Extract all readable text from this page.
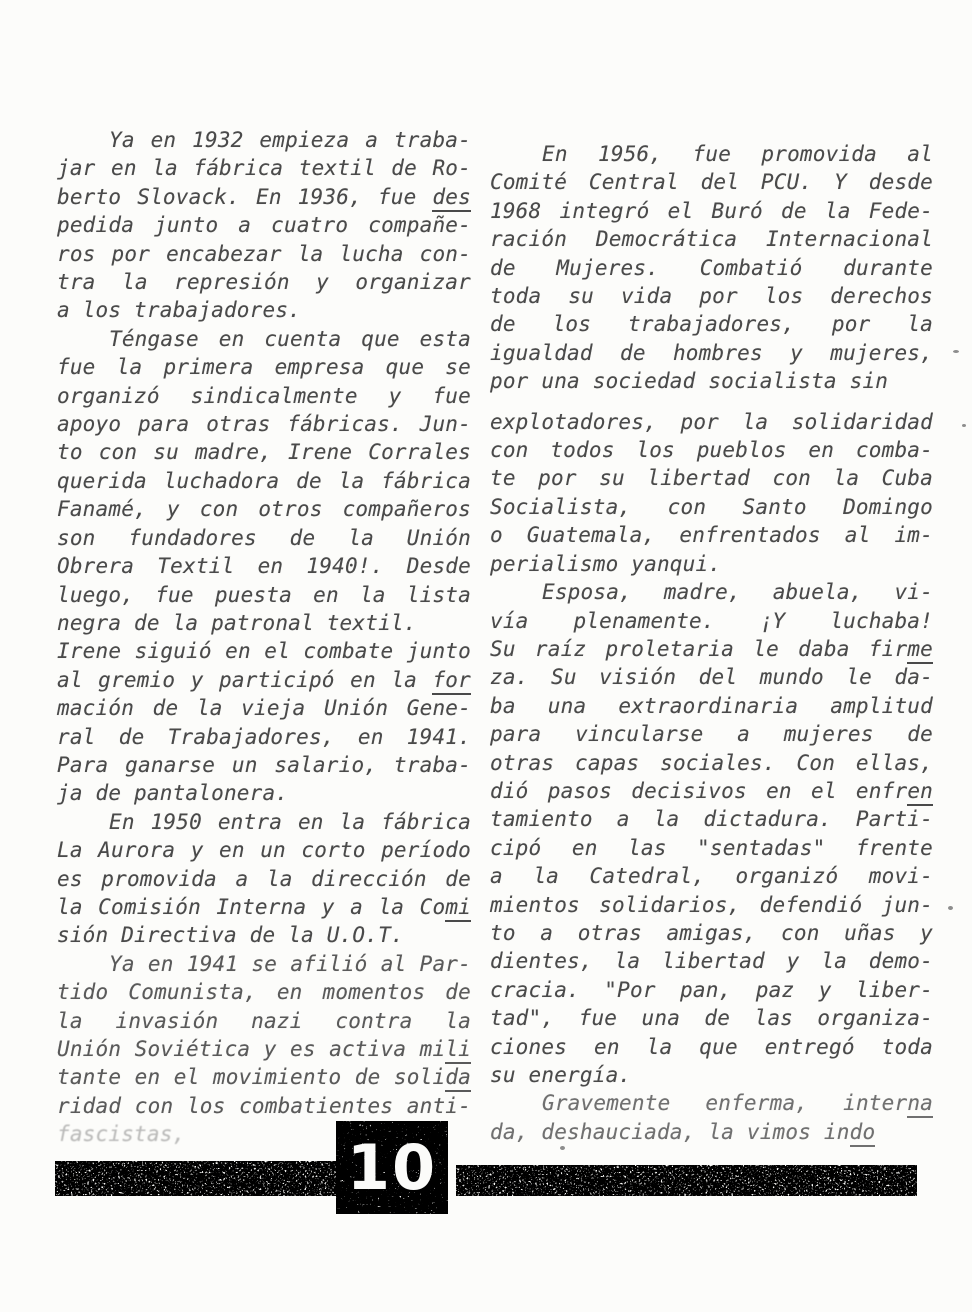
Ya en 1932 empieza a traba-
jar en la fábrica textil de Ro-
berto Slovack. En 1936, fue des
pedida junto a cuatro compañe-
ros por encabezar la lucha con-
tra la represión y organizar
a los trabajadores.
Téngase en cuenta que esta
fue la primera empresa que se
organizó sindicalmente y fue
apoyo para otras fábricas. Jun-
to con su madre, Irene Corrales
querida luchadora de la fábrica
Fanamé, y con otros compañeros
son fundadores de la Unión
Obrera Textil en 1940!. Desde
luego, fue puesta en la lista
negra de la patronal textil.
Irene siguió en el combate junto
al gremio y participó en la for
mación de la vieja Unión Gene-
ral de Trabajadores, en 1941.
Para ganarse un salario, traba-
ja de pantalonera.
En 1950 entra en la fábrica
La Aurora y en un corto período
es promovida a la dirección de
la Comisión Interna y a la Comi
sión Directiva de la U.O.T.
Ya en 1941 se afilió al Par-
tido Comunista, en momentos de
la invasión nazi contra la
Unión Soviética y es activa mili
tante en el movimiento de solida
ridad con los combatientes anti-
fascistas,
En 1956, fue promovida al
Comité Central del PCU. Y desde
1968 integró el Buró de la Fede-
ración Democrática Internacional
de Mujeres. Combatió durante
toda su vida por los derechos
de los trabajadores, por la
igualdad de hombres y mujeres,
por una sociedad socialista sin
explotadores, por la solidaridad
con todos los pueblos en comba-
te por su libertad con la Cuba
Socialista, con Santo Domingo
o Guatemala, enfrentados al im-
perialismo yanqui.
Esposa, madre, abuela, vi-
vía plenamente. ¡Y luchaba!
Su raíz proletaria le daba firme
za. Su visión del mundo le da-
ba una extraordinaria amplitud
para vincularse a mujeres de
otras capas sociales. Con ellas,
dió pasos decisivos en el enfren
tamiento a la dictadura. Parti-
cipó en las "sentadas" frente
a la Catedral, organizó movi-
mientos solidarios, defendió jun-
to a otras amigas, con uñas y
dientes, la libertad y la demo-
cracia. "Por pan, paz y liber-
tad", fue una de las organiza-
ciones en la que entregó toda
su energía.
Gravemente enferma, interna
da, deshauciada, la vimos indo
10
